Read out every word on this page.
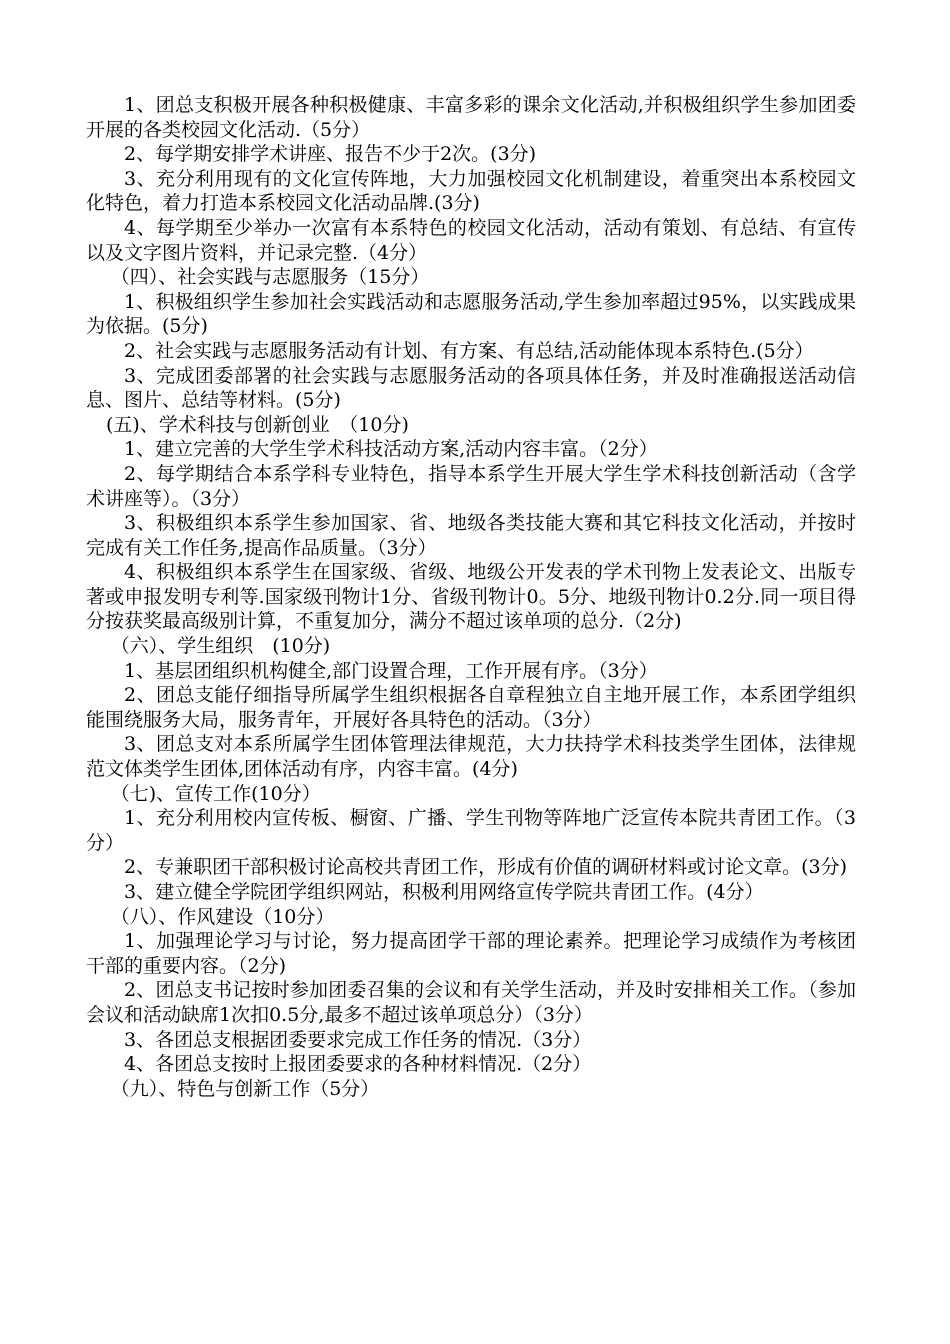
1、团总支积极开展各种积极健康、丰富多彩的课余文化活动,并积极组织学生参加团委开展的各类校园文化活动.（5分）

2、每学期安排学术讲座、报告不少于2次。(3分)

3、充分利用现有的文化宣传阵地，大力加强校园文化机制建设，着重突出本系校园文化特色，着力打造本系校园文化活动品牌.(3分)

4、每学期至少举办一次富有本系特色的校园文化活动，活动有策划、有总结、有宣传以及文字图片资料，并记录完整.（4分）

（四）、社会实践与志愿服务（15分）

1、积极组织学生参加社会实践活动和志愿服务活动,学生参加率超过95%，以实践成果为依据。(5分)

2、社会实践与志愿服务活动有计划、有方案、有总结,活动能体现本系特色.(5分）

3、完成团委部署的社会实践与志愿服务活动的各项具体任务，并及时准确报送活动信息、图片、总结等材料。(5分)

(五)、学术科技与创新创业　（10分)

1、建立完善的大学生学术科技活动方案,活动内容丰富。（2分）

2、每学期结合本系学科专业特色，指导本系学生开展大学生学术科技创新活动（含学术讲座等）。（3分）

3、积极组织本系学生参加国家、省、地级各类技能大赛和其它科技文化活动，并按时完成有关工作任务,提高作品质量。（3分）

4、积极组织本系学生在国家级、省级、地级公开发表的学术刊物上发表论文、出版专著或申报发明专利等.国家级刊物计1分、省级刊物计0。5分、地级刊物计0.2分.同一项目得分按获奖最高级别计算，不重复加分，满分不超过该单项的总分.（2分)

（六）、学生组织　(10分)

1、基层团组织机构健全,部门设置合理，工作开展有序。（3分）

2、团总支能仔细指导所属学生组织根据各自章程独立自主地开展工作，本系团学组织能围绕服务大局，服务青年，开展好各具特色的活动。（3分）

3、团总支对本系所属学生团体管理法律规范，大力扶持学术科技类学生团体，法律规范文体类学生团体,团体活动有序，内容丰富。(4分)

（七)、宣传工作(10分）

1、充分利用校内宣传板、橱窗、广播、学生刊物等阵地广泛宣传本院共青团工作。（3分）

2、专兼职团干部积极讨论高校共青团工作，形成有价值的调研材料或讨论文章。(3分)

3、建立健全学院团学组织网站，积极利用网络宣传学院共青团工作。(4分）

（八）、作风建设（10分）

1、加强理论学习与讨论，努力提高团学干部的理论素养。把理论学习成绩作为考核团干部的重要内容。（2分)

2、团总支书记按时参加团委召集的会议和有关学生活动，并及时安排相关工作。（参加会议和活动缺席1次扣0.5分,最多不超过该单项总分）（3分）

3、各团总支根据团委要求完成工作任务的情况.（3分）

4、各团总支按时上报团委要求的各种材料情况.（2分）

（九）、特色与创新工作（5分）
